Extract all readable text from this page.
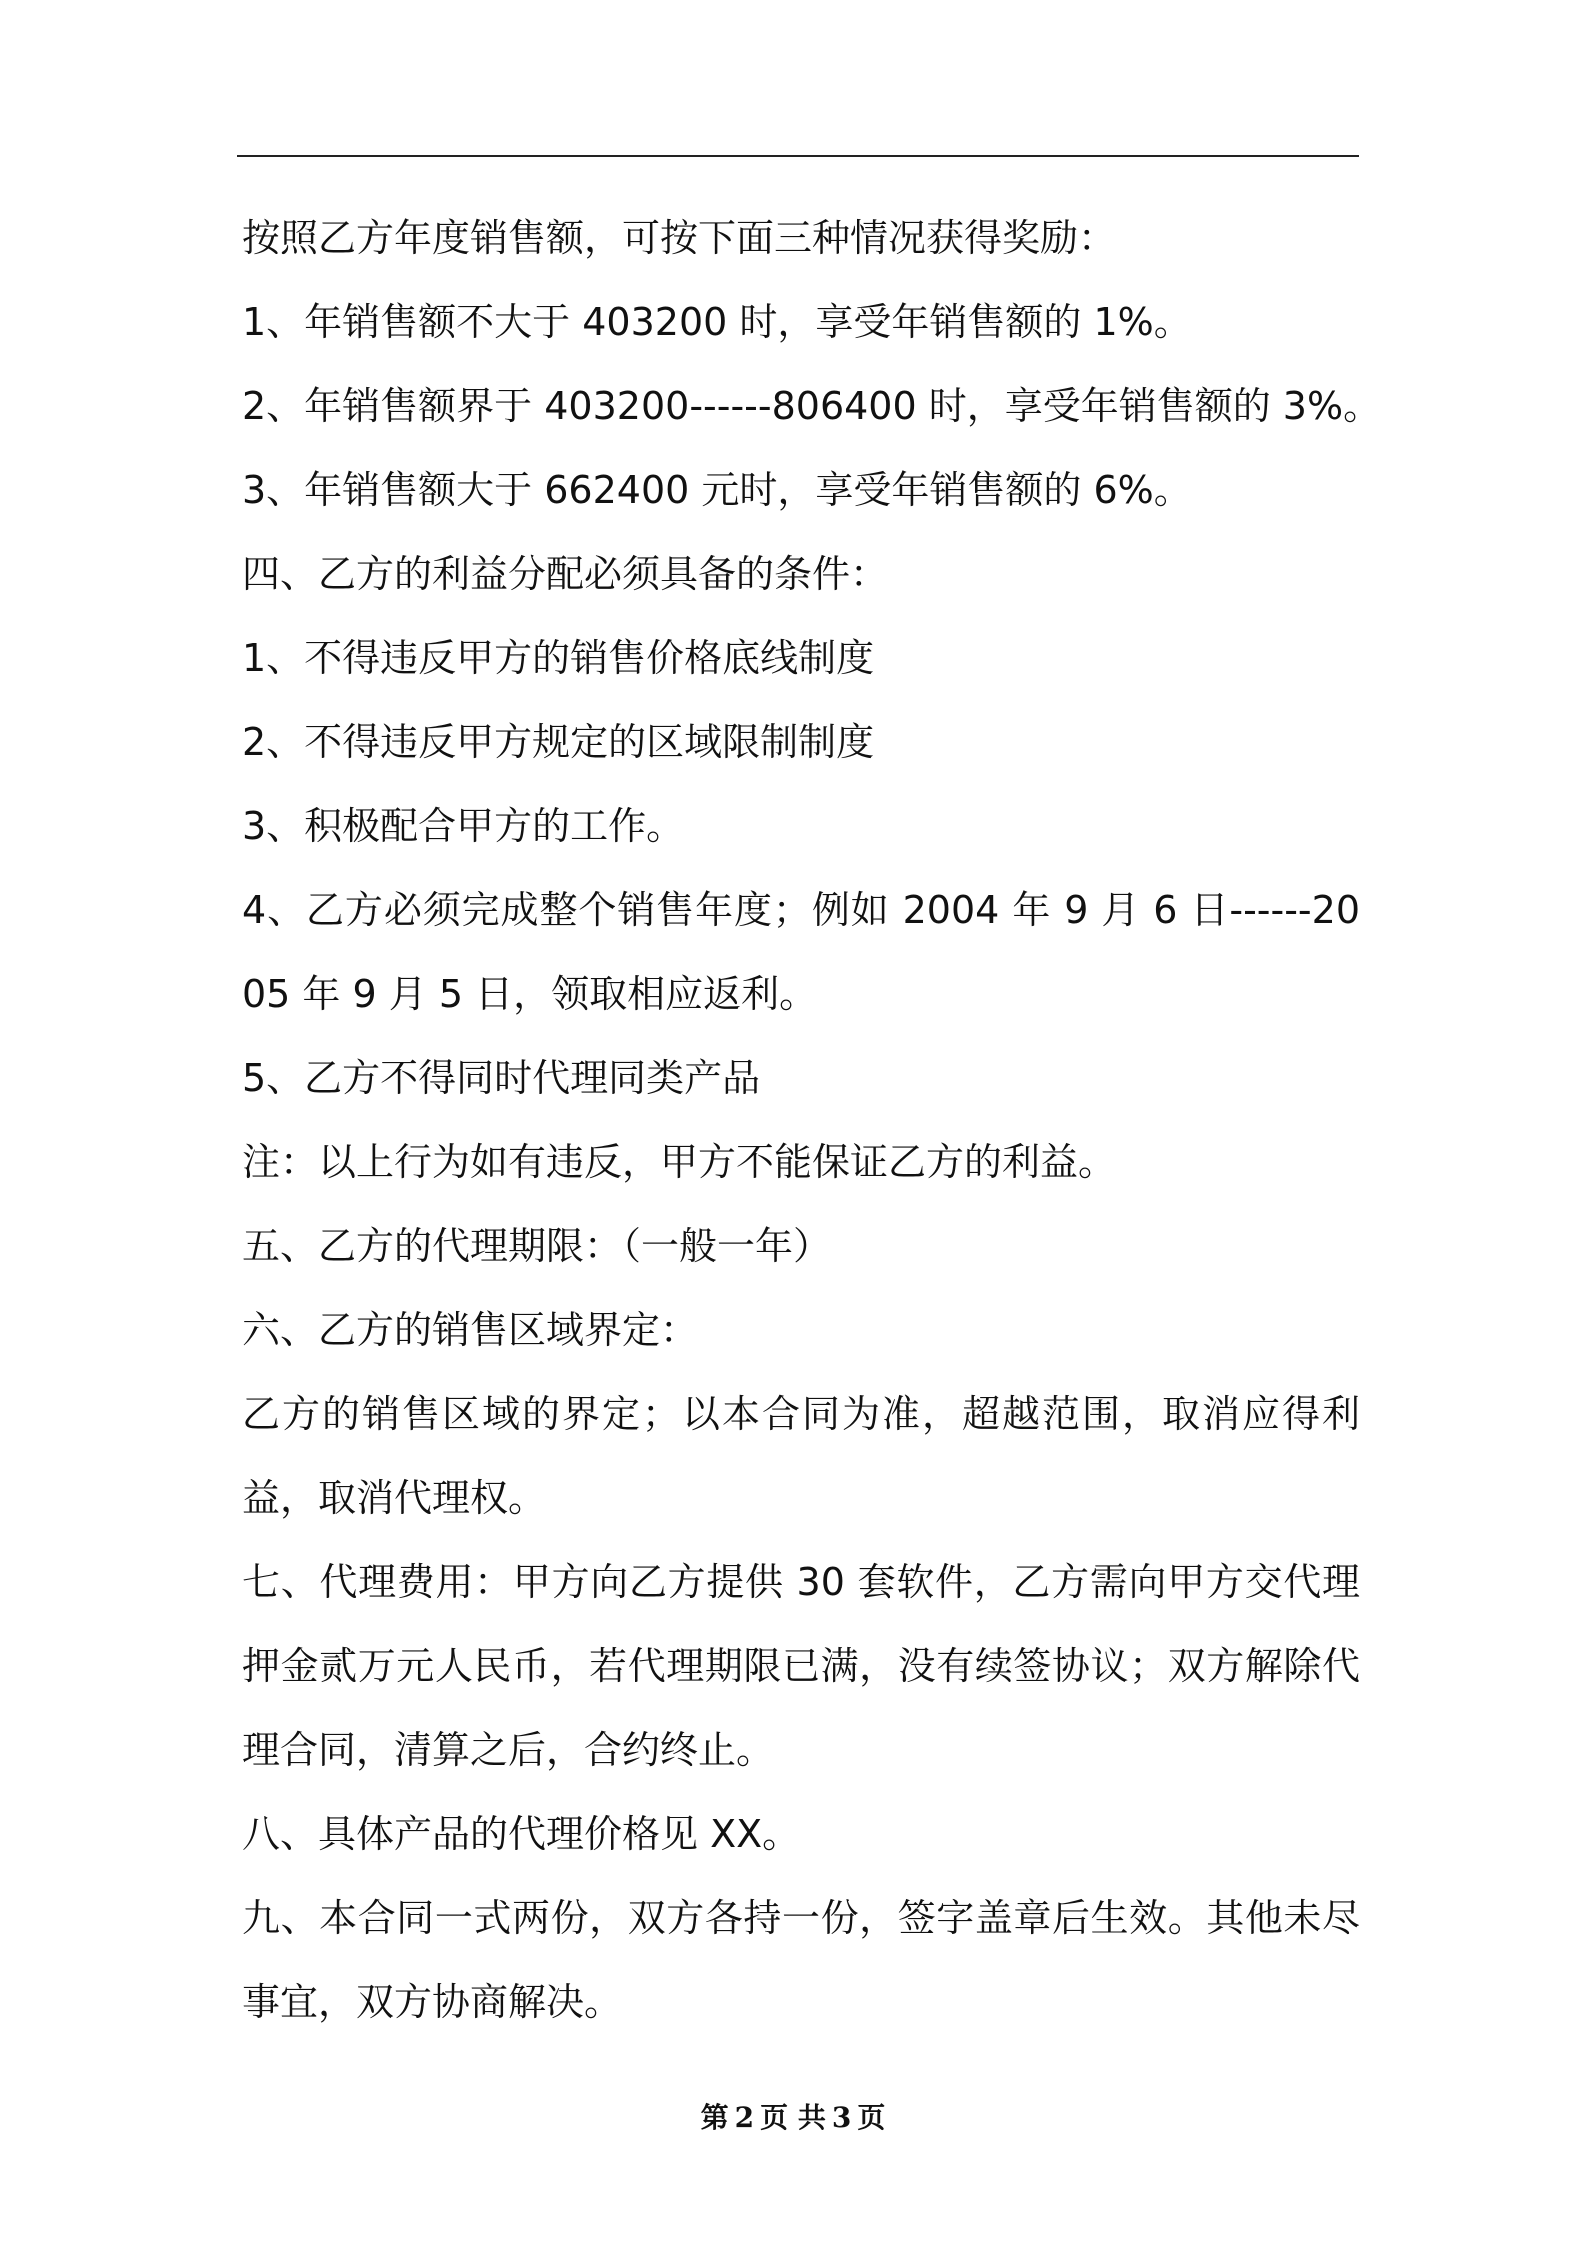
按照乙方年度销售额，可按下面三种情况获得奖励：

1、年销售额不大于 403200 时，享受年销售额的 1%。

2、年销售额界于 403200------806400 时，享受年销售额的 3%。

3、年销售额大于 662400 元时，享受年销售额的 6%。

四、乙方的利益分配必须具备的条件：

1、不得违反甲方的销售价格底线制度

2、不得违反甲方规定的区域限制制度

3、积极配合甲方的工作。

4、乙方必须完成整个销售年度；例如 2004 年 9 月 6 日------2005 年 9 月 5 日，领取相应返利。

5、乙方不得同时代理同类产品

注：以上行为如有违反，甲方不能保证乙方的利益。

五、乙方的代理期限：（一般一年）

六、乙方的销售区域界定：

乙方的销售区域的界定；以本合同为准，超越范围，取消应得利益，取消代理权。

七、代理费用：甲方向乙方提供 30 套软件，乙方需向甲方交代理押金贰万元人民币，若代理期限已满，没有续签协议；双方解除代理合同，清算之后，合约终止。

八、具体产品的代理价格见 XX。

九、本合同一式两份，双方各持一份，签字盖章后生效。其他未尽事宜，双方协商解决。

第 2 页 共 3 页
